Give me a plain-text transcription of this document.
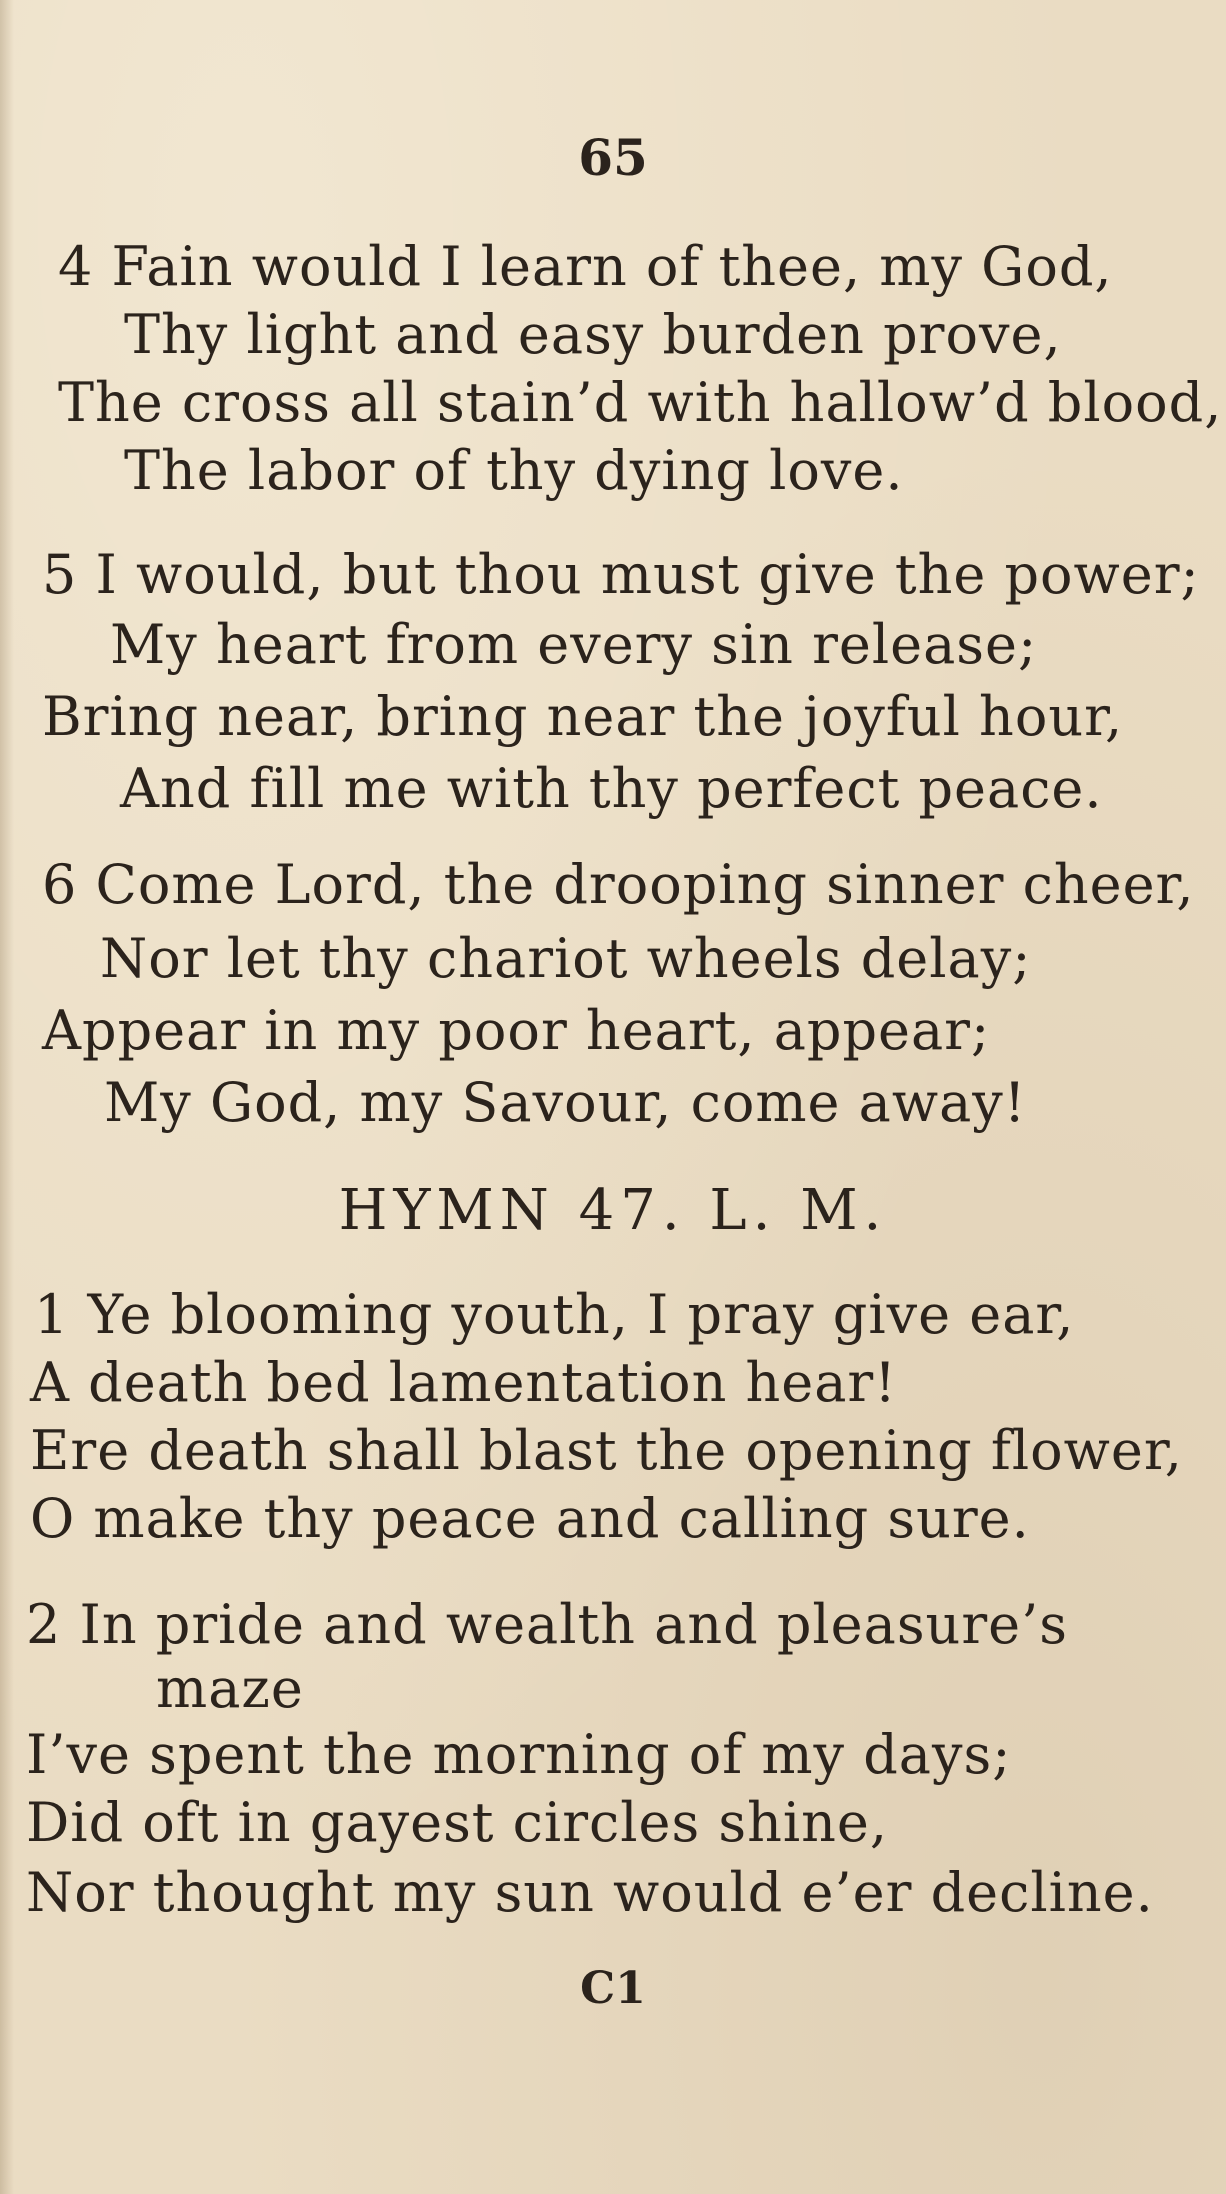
65
4 Fain would I learn of thee, my God,
Thy light and easy burden prove,
The cross all stain’d with hallow’d blood,
The labor of thy dying love.
5 I would, but thou must give the power;
My heart from every sin release;
Bring near, bring near the joyful hour,
And fill me with thy perfect peace.
6 Come Lord, the drooping sinner cheer,
Nor let thy chariot wheels delay;
Appear in my poor heart, appear;
My God, my Savour, come away!
HYMN 47. L. M.
1 Ye blooming youth, I pray give ear,
A death bed lamentation hear!
Ere death shall blast the opening flower,
O make thy peace and calling sure.
2 In pride and wealth and pleasure’s
maze
I’ve spent the morning of my days;
Did oft in gayest circles shine,
Nor thought my sun would e’er decline.
C1
